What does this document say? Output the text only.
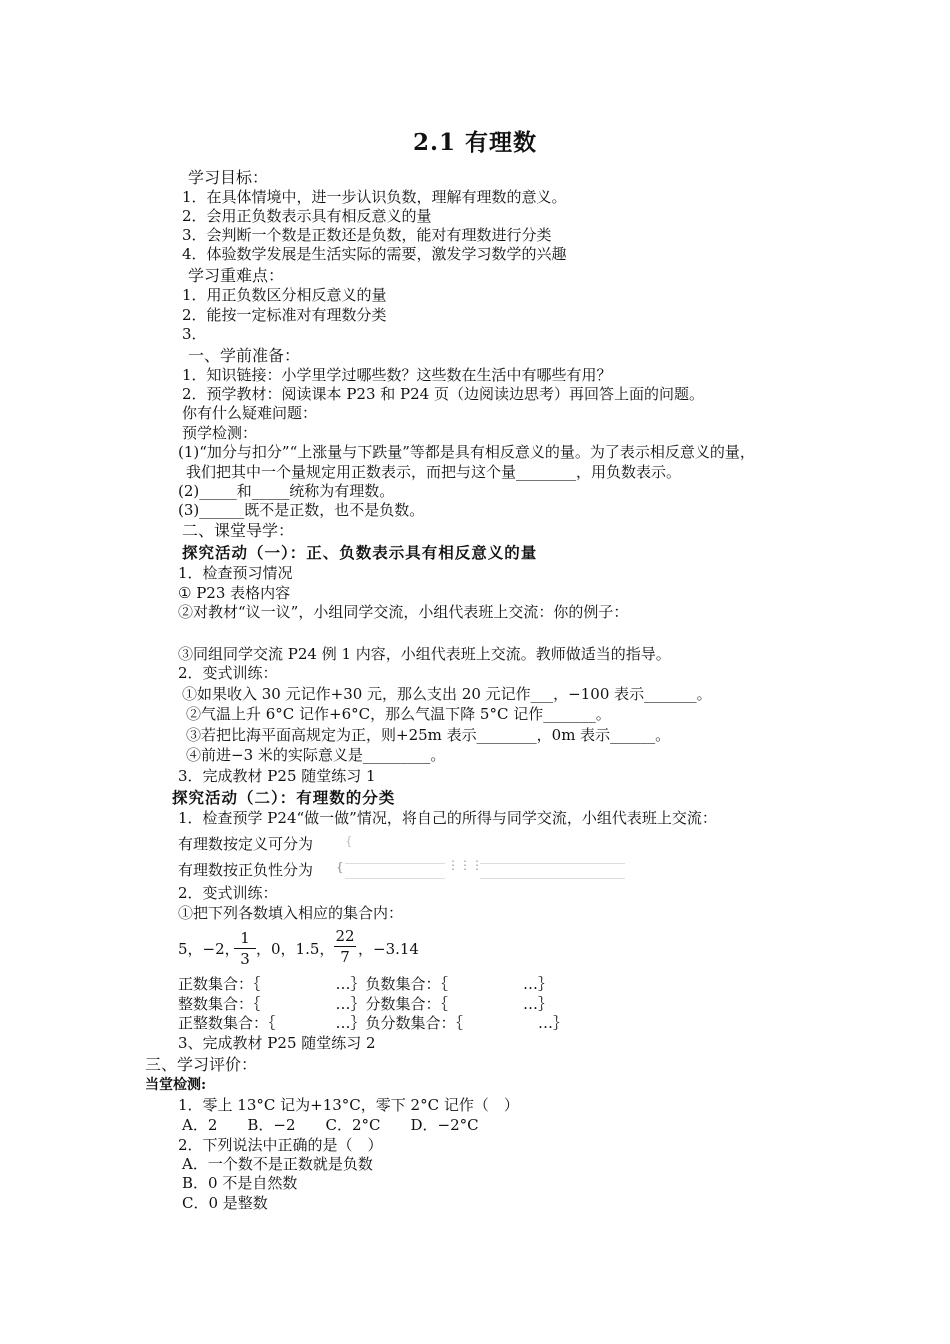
2.1 有理数
学习目标：
1．在具体情境中，进一步认识负数，理解有理数的意义。
2．会用正负数表示具有相反意义的量
3．会判断一个数是正数还是负数，能对有理数进行分类
4．体验数学发展是生活实际的需要，激发学习数学的兴趣
学习重难点：
1．用正负数区分相反意义的量
2．能按一定标准对有理数分类
3．
一、学前准备：
1．知识链接：小学里学过哪些数？这些数在生活中有哪些有用？
2．预学教材：阅读课本 P23 和 P24 页（边阅读边思考）再回答上面的问题。
你有什么疑难问题：
预学检测：
(1)“加分与扣分”“上涨量与下跌量”等都是具有相反意义的量。为了表示相反意义的量，
我们把其中一个量规定用正数表示，而把与这个量________，用负数表示。
(2)_____和_____统称为有理数。
(3)______既不是正数，也不是负数。
二、课堂导学：
探究活动（一）：正、负数表示具有相反意义的量
1．检查预习情况
① P23 表格内容
②对教材“议一议”，小组同学交流，小组代表班上交流：你的例子：
③同组同学交流 P24 例 1 内容，小组代表班上交流。教师做适当的指导。
2．变式训练：
①如果收入 30 元记作+30 元，那么支出 20 元记作___，−100 表示_______。
②气温上升 6°C 记作+6°C，那么气温下降 5°C 记作_______。
③若把比海平面高规定为正，则+25m 表示________，0m 表示______。
④前进−3 米的实际意义是_________。
3．完成教材 P25 随堂练习 1
探究活动（二）：有理数的分类
1．检查预学 P24“做一做”情况，将自己的所得与同学交流，小组代表班上交流：
有理数按定义可分为	{
有理数按正负性分为 {	⋮⋮⋮
2．变式训练：
①把下列各数填入相应的集合内：
5，−2，
$\frac{1}{3}$ ，0，1.5， $\frac{22}{7}$ ，−3.14
正数集合：｛　　　　　…｝负数集合：｛　　　　　…｝
整数集合：｛　　　　　…｝分数集合：｛　　　　　…｝
正整数集合：｛　　　　…｝负分数集合：｛　　　　　…｝
3、完成教材 P25 随堂练习 2
三、学习评价：
当堂检测:
1．零上 13°C 记为+13°C，零下 2°C 记作（　）
A．2　　B．−2　　C．2°C　　D．−2°C
2．下列说法中正确的是（　）
A．一个数不是正数就是负数
B．0 不是自然数
C．0 是整数
